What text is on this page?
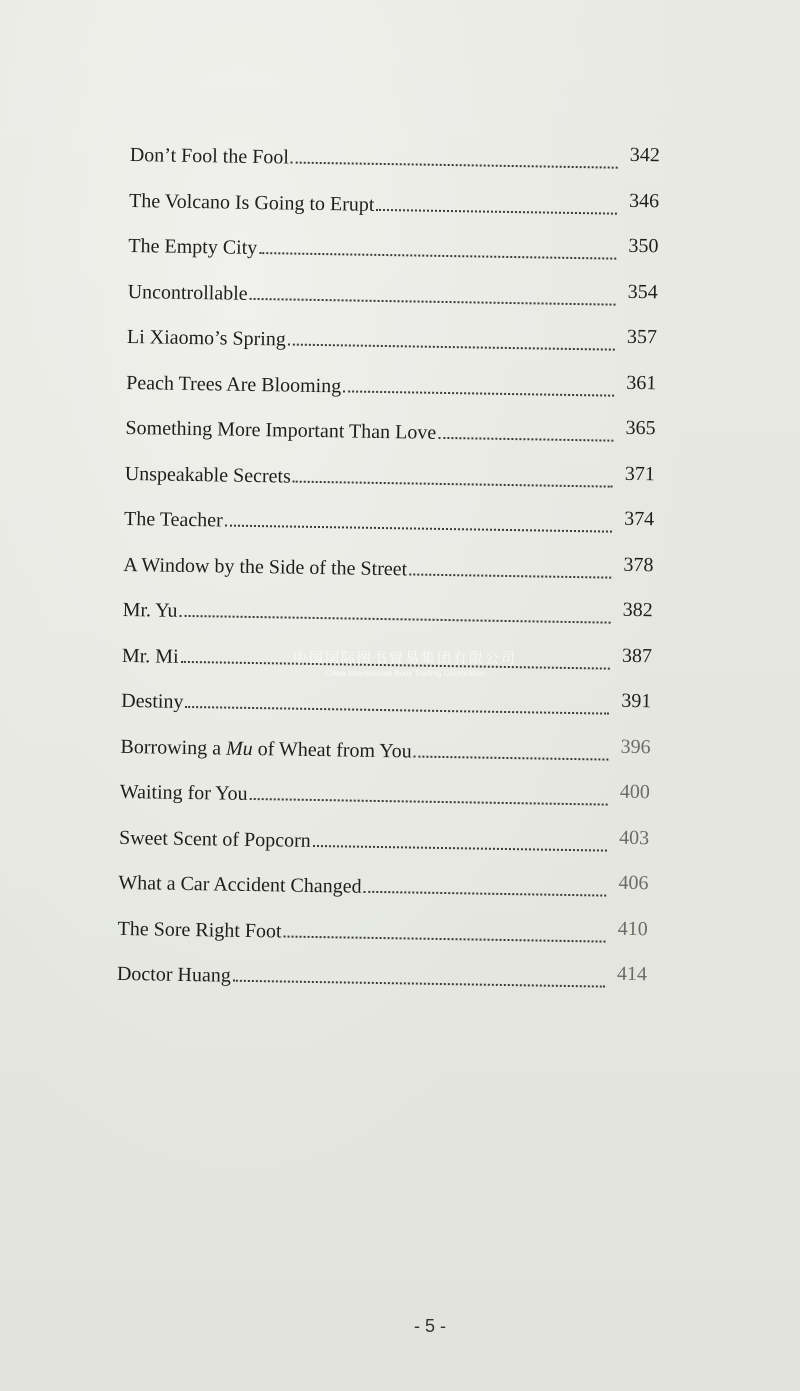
Don’t Fool the Fool	342
The Volcano Is Going to Erupt	346
The Empty City	350
Uncontrollable	354
Li Xiaomo’s Spring	357
Peach Trees Are Blooming	361
Something More Important Than Love	365
Unspeakable Secrets	371
The Teacher	374
A Window by the Side of the Street	378
Mr. Yu	382
Mr. Mi	387
Destiny	391
Borrowing a Mu of Wheat from You	396
Waiting for You	400
Sweet Scent of Popcorn	403
What a Car Accident Changed	406
The Sore Right Foot	410
Doctor Huang	414
中国国际图书贸易集团有限公司
China International Book Trading Corporation
- 5 -
